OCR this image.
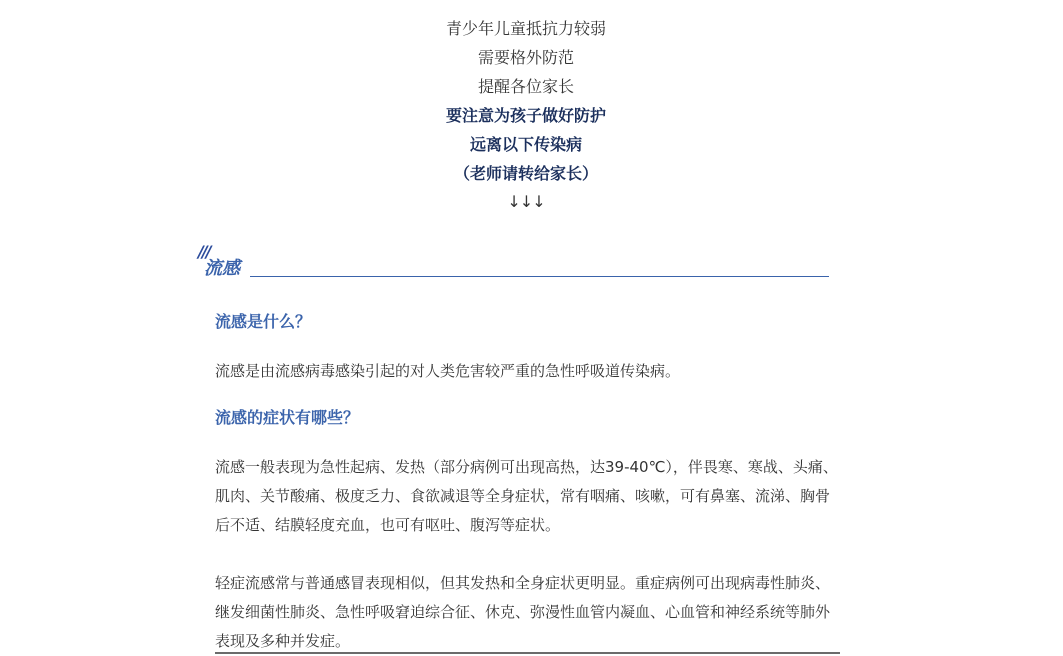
青少年儿童抵抗力较弱
需要格外防范
提醒各位家长
要注意为孩子做好防护
远离以下传染病
（老师请转给家长）
↓↓↓
///
流感

流感是什么？

流感是由流感病毒感染引起的对人类危害较严重的急性呼吸道传染病。

流感的症状有哪些？

流感一般表现为急性起病、发热（部分病例可出现高热，达39-40℃），伴畏寒、寒战、头痛、肌肉、关节酸痛、极度乏力、食欲减退等全身症状，常有咽痛、咳嗽，可有鼻塞、流涕、胸骨后不适、结膜轻度充血，也可有呕吐、腹泻等症状。

轻症流感常与普通感冒表现相似，但其发热和全身症状更明显。重症病例可出现病毒性肺炎、继发细菌性肺炎、急性呼吸窘迫综合征、休克、弥漫性血管内凝血、心血管和神经系统等肺外表现及多种并发症。
